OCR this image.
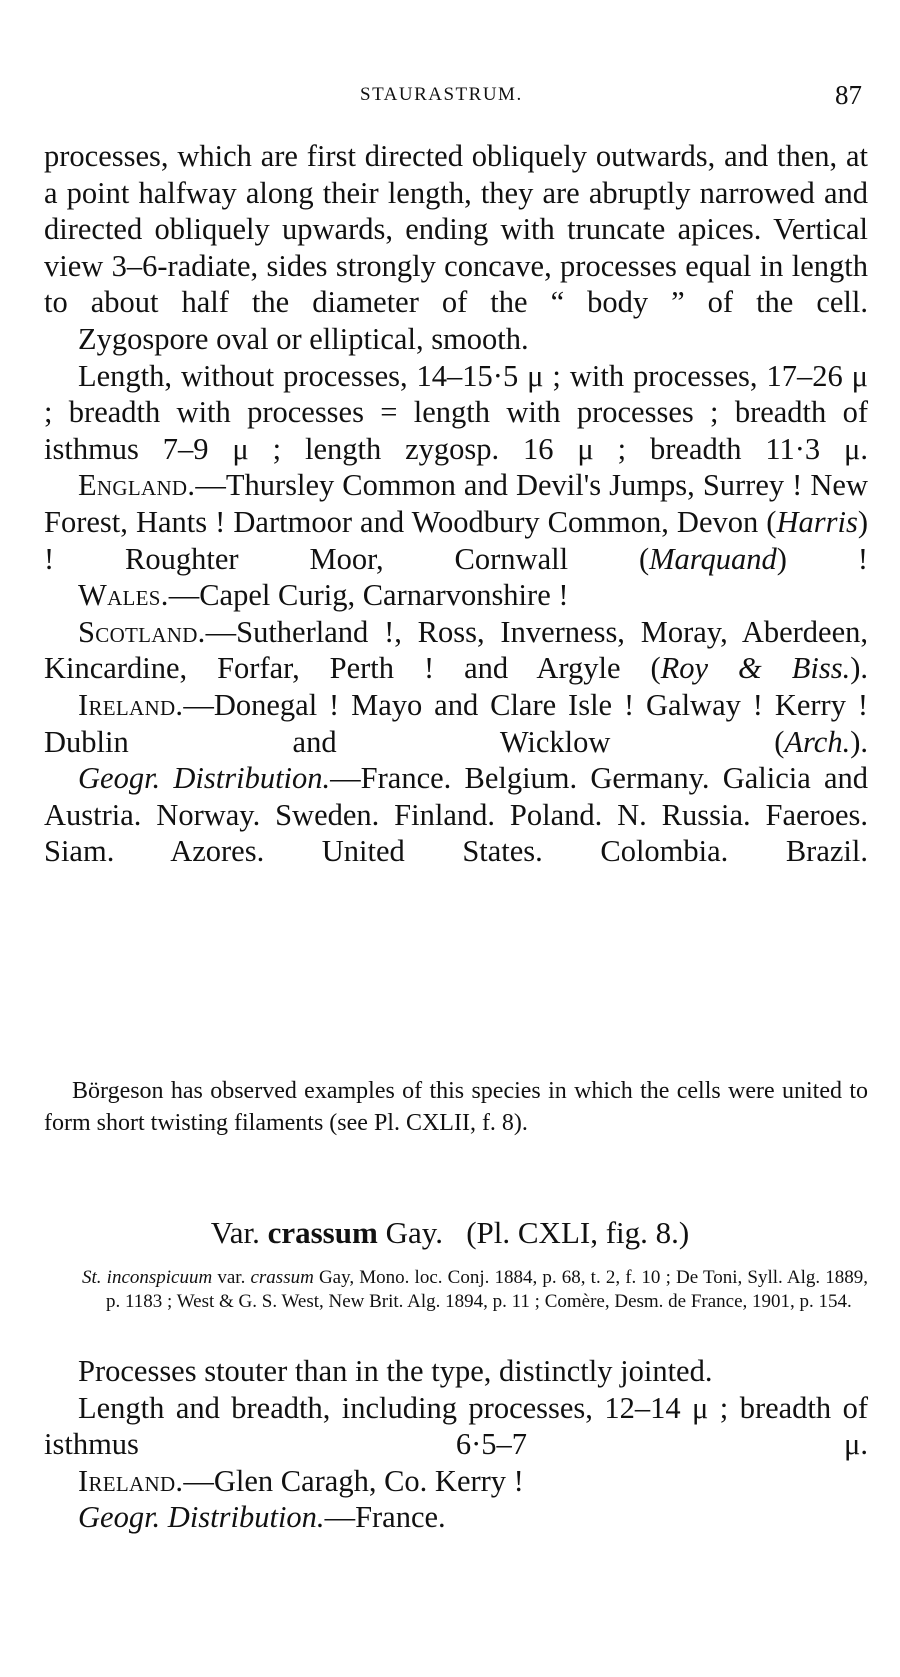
STAURASTRUM.	87

processes, which are first directed obliquely outwards, and then, at a point halfway along their length, they are abruptly narrowed and directed obliquely upwards, ending with truncate apices. Vertical view 3–6-radiate, sides strongly concave, processes equal in length to about half the diameter of the “ body ” of the cell.

Zygospore oval or elliptical, smooth.

Length, without processes, 14–15·5 μ ; with processes, 17–26 μ ; breadth with processes = length with processes ; breadth of isthmus 7–9 μ ; length zygosp. 16 μ ; breadth 11·3 μ.

England.—Thursley Common and Devil's Jumps, Surrey ! New Forest, Hants ! Dartmoor and Woodbury Common, Devon (Harris) ! Roughter Moor, Cornwall (Marquand) !

Wales.—Capel Curig, Carnarvonshire !

Scotland.—Sutherland !, Ross, Inverness, Moray, Aberdeen, Kincardine, Forfar, Perth ! and Argyle (Roy & Biss.).

Ireland.—Donegal ! Mayo and Clare Isle ! Galway ! Kerry ! Dublin and Wicklow (Arch.).

Geogr. Distribution.—France. Belgium. Germany. Galicia and Austria. Norway. Sweden. Finland. Poland. N. Russia. Faeroes. Siam. Azores. United States. Colombia. Brazil.

Börgeson has observed examples of this species in which the cells were united to form short twisting filaments (see Pl. CXLII, f. 8).

Var. crassum Gay. (Pl. CXLI, fig. 8.)

St. inconspicuum var. crassum Gay, Mono. loc. Conj. 1884, p. 68, t. 2, f. 10 ; De Toni, Syll. Alg. 1889, p. 1183 ; West & G. S. West, New Brit. Alg. 1894, p. 11 ; Comère, Desm. de France, 1901, p. 154.

Processes stouter than in the type, distinctly jointed.

Length and breadth, including processes, 12–14 μ ; breadth of isthmus 6·5–7 μ.

Ireland.—Glen Caragh, Co. Kerry !

Geogr. Distribution.—France.
